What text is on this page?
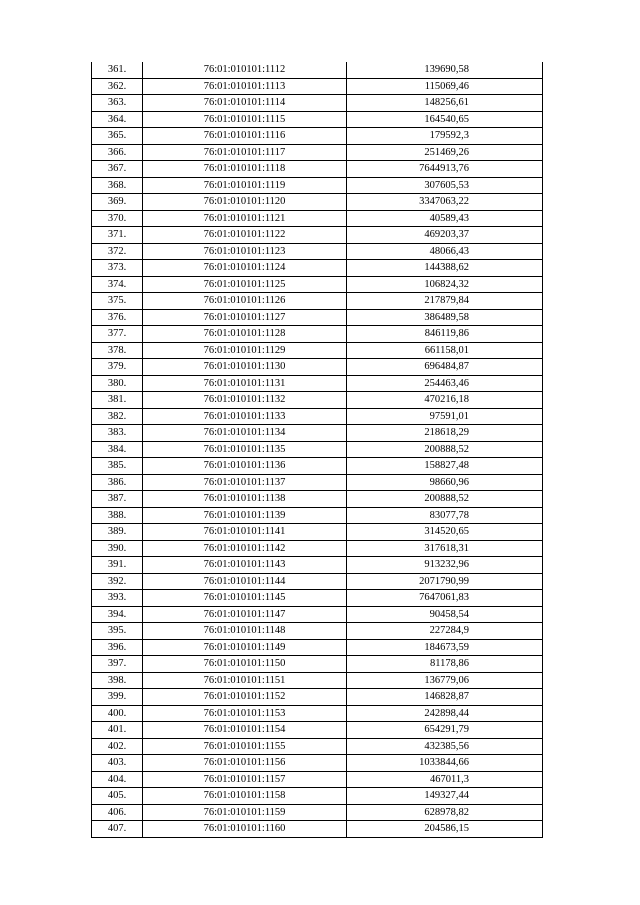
361.	76:01:010101:1112	139690,58
362.	76:01:010101:1113	115069,46
363.	76:01:010101:1114	148256,61
364.	76:01:010101:1115	164540,65
365.	76:01:010101:1116	179592,3
366.	76:01:010101:1117	251469,26
367.	76:01:010101:1118	7644913,76
368.	76:01:010101:1119	307605,53
369.	76:01:010101:1120	3347063,22
370.	76:01:010101:1121	40589,43
371.	76:01:010101:1122	469203,37
372.	76:01:010101:1123	48066,43
373.	76:01:010101:1124	144388,62
374.	76:01:010101:1125	106824,32
375.	76:01:010101:1126	217879,84
376.	76:01:010101:1127	386489,58
377.	76:01:010101:1128	846119,86
378.	76:01:010101:1129	661158,01
379.	76:01:010101:1130	696484,87
380.	76:01:010101:1131	254463,46
381.	76:01:010101:1132	470216,18
382.	76:01:010101:1133	97591,01
383.	76:01:010101:1134	218618,29
384.	76:01:010101:1135	200888,52
385.	76:01:010101:1136	158827,48
386.	76:01:010101:1137	98660,96
387.	76:01:010101:1138	200888,52
388.	76:01:010101:1139	83077,78
389.	76:01:010101:1141	314520,65
390.	76:01:010101:1142	317618,31
391.	76:01:010101:1143	913232,96
392.	76:01:010101:1144	2071790,99
393.	76:01:010101:1145	7647061,83
394.	76:01:010101:1147	90458,54
395.	76:01:010101:1148	227284,9
396.	76:01:010101:1149	184673,59
397.	76:01:010101:1150	81178,86
398.	76:01:010101:1151	136779,06
399.	76:01:010101:1152	146828,87
400.	76:01:010101:1153	242898,44
401.	76:01:010101:1154	654291,79
402.	76:01:010101:1155	432385,56
403.	76:01:010101:1156	1033844,66
404.	76:01:010101:1157	467011,3
405.	76:01:010101:1158	149327,44
406.	76:01:010101:1159	628978,82
407.	76:01:010101:1160	204586,15
